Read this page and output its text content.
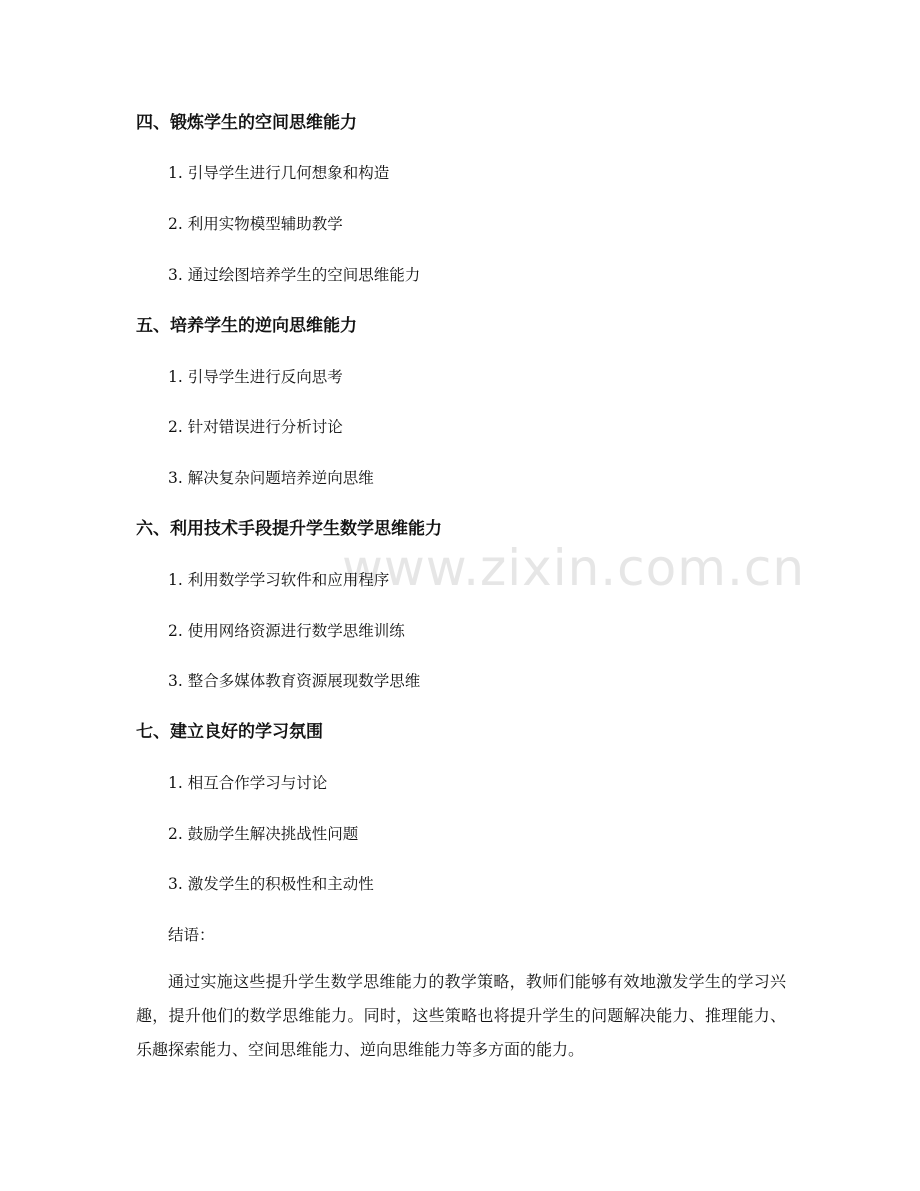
www.zixin.com.cn
四、锻炼学生的空间思维能力
1. 引导学生进行几何想象和构造
2. 利用实物模型辅助教学
3. 通过绘图培养学生的空间思维能力
五、培养学生的逆向思维能力
1. 引导学生进行反向思考
2. 针对错误进行分析讨论
3. 解决复杂问题培养逆向思维
六、利用技术手段提升学生数学思维能力
1. 利用数学学习软件和应用程序
2. 使用网络资源进行数学思维训练
3. 整合多媒体教育资源展现数学思维
七、建立良好的学习氛围
1. 相互合作学习与讨论
2. 鼓励学生解决挑战性问题
3. 激发学生的积极性和主动性
结语：
通过实施这些提升学生数学思维能力的教学策略，教师们能够有效地激发学生的学习兴趣，提升他们的数学思维能力。同时，这些策略也将提升学生的问题解决能力、推理能力、乐趣探索能力、空间思维能力、逆向思维能力等多方面的能力。
